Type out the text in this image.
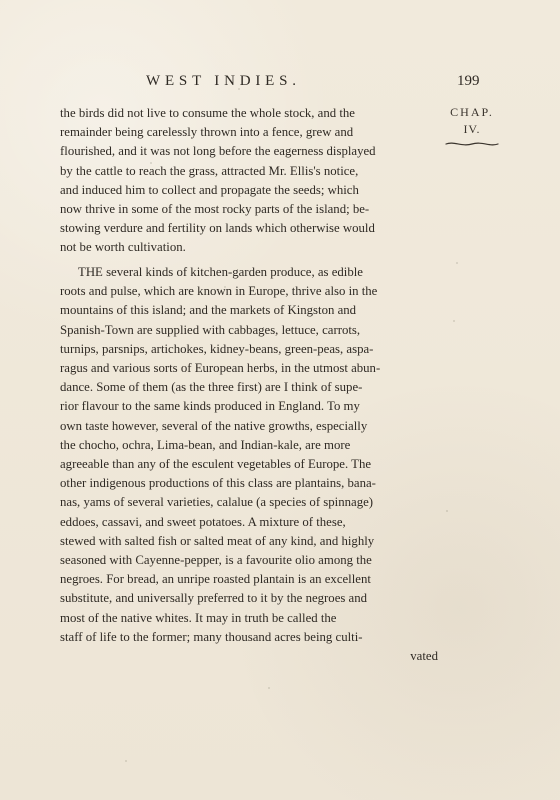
WEST INDIES.	199
CHAP.
IV.
the birds did not live to consume the whole stock, and the
remainder being carelessly thrown into a fence, grew and
flourished, and it was not long before the eagerness displayed
by the cattle to reach the grass, attracted Mr. Ellis's notice,
and induced him to collect and propagate the seeds; which
now thrive in some of the most rocky parts of the island; be-
stowing verdure and fertility on lands which otherwise would
not be worth cultivation.
THE several kinds of kitchen-garden produce, as edible
roots and pulse, which are known in Europe, thrive also in the
mountains of this island; and the markets of Kingston and
Spanish-Town are supplied with cabbages, lettuce, carrots,
turnips, parsnips, artichokes, kidney-beans, green-peas, aspa-
ragus and various sorts of European herbs, in the utmost abun-
dance. Some of them (as the three first) are I think of supe-
rior flavour to the same kinds produced in England. To my
own taste however, several of the native growths, especially
the chocho, ochra, Lima-bean, and Indian-kale, are more
agreeable than any of the esculent vegetables of Europe. The
other indigenous productions of this class are plantains, bana-
nas, yams of several varieties, calalue (a species of spinnage)
eddoes, cassavi, and sweet potatoes. A mixture of these,
stewed with salted fish or salted meat of any kind, and highly
seasoned with Cayenne-pepper, is a favourite olio among the
negroes. For bread, an unripe roasted plantain is an excellent
substitute, and universally preferred to it by the negroes and
most of the native whites. It may in truth be called the
staff of life to the former; many thousand acres being culti-
vated
